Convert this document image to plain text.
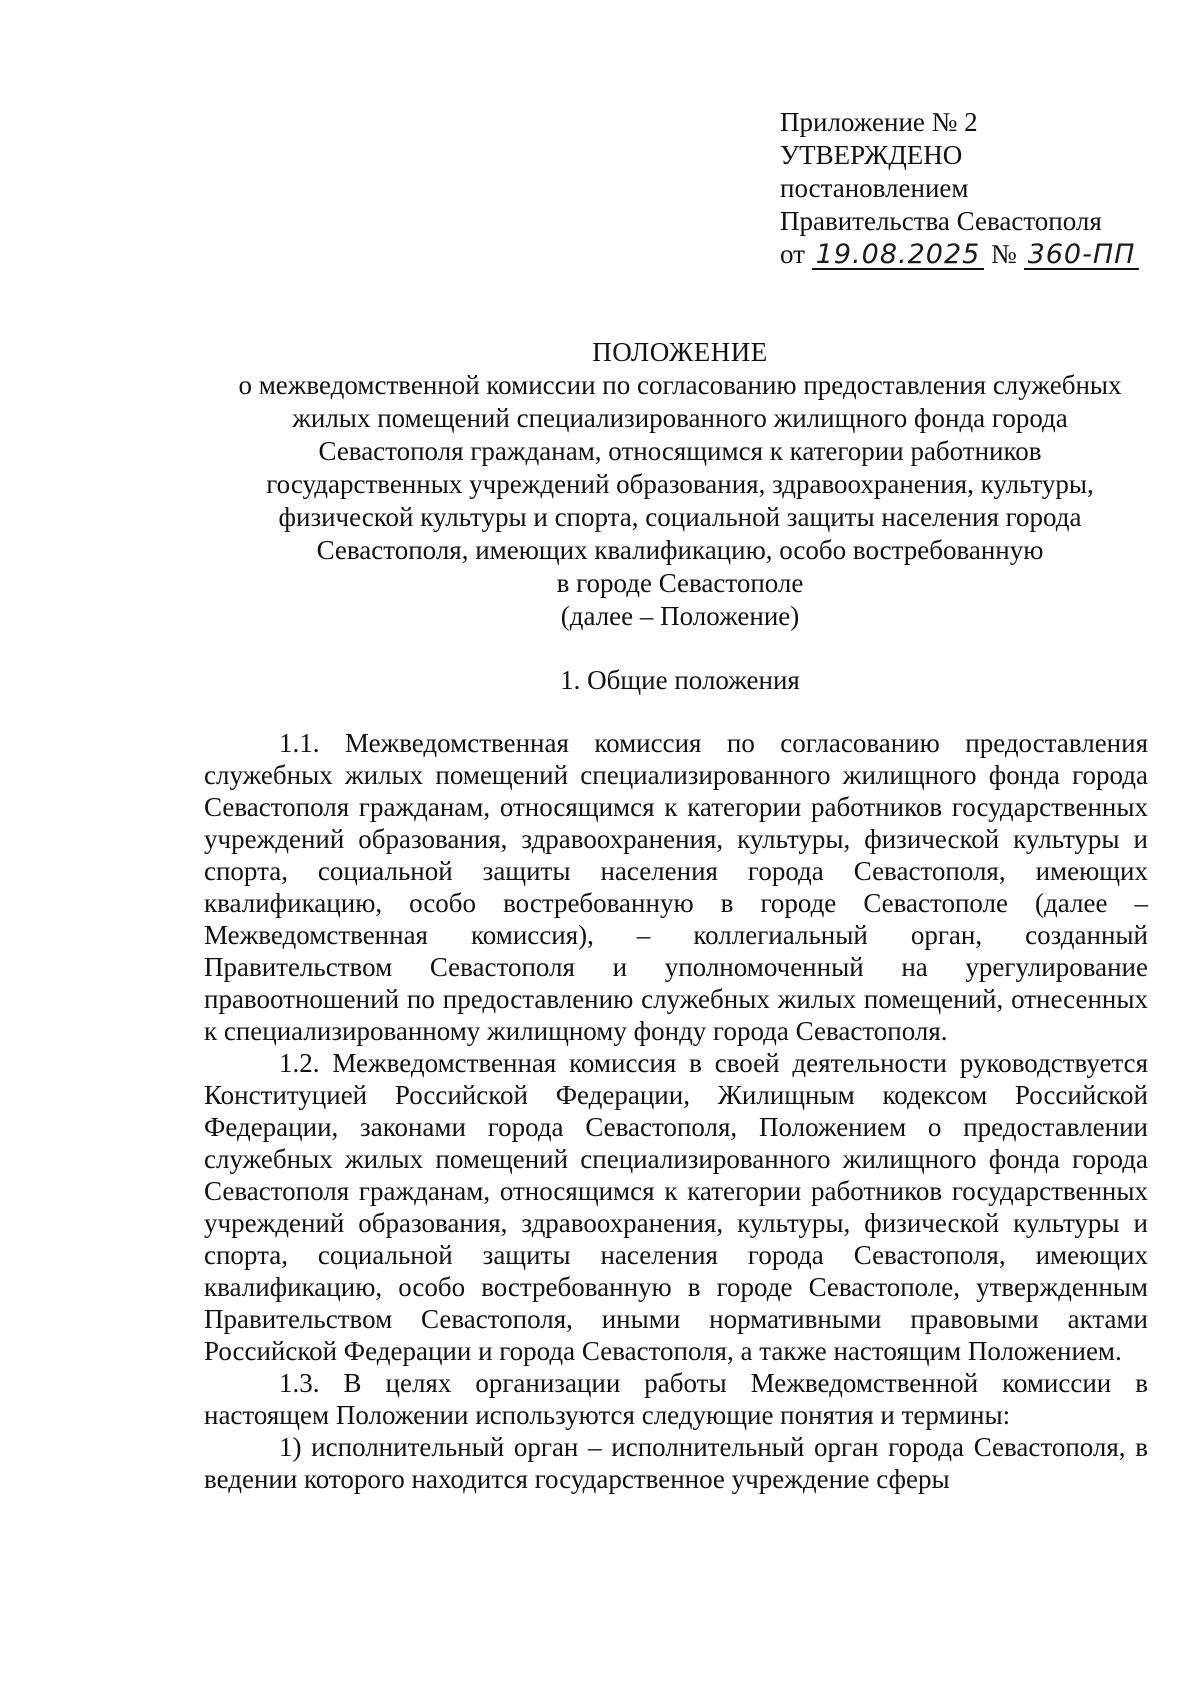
Приложение № 2
УТВЕРЖДЕНО
постановлением
Правительства Севастополя
от 19.08.2025 № 360-ПП
ПОЛОЖЕНИЕ
о межведомственной комиссии по согласованию предоставления служебных
жилых помещений специализированного жилищного фонда города
Севастополя гражданам, относящимся к категории работников
государственных учреждений образования, здравоохранения, культуры,
физической культуры и спорта, социальной защиты населения города
Севастополя, имеющих квалификацию, особо востребованную
в городе Севастополе
(далее – Положение)
1. Общие положения

1.1. Межведомственная комиссия по согласованию предоставления служебных жилых помещений специализированного жилищного фонда города Севастополя гражданам, относящимся к категории работников государственных учреждений образования, здравоохранения, культуры, физической культуры и спорта, социальной защиты населения города Севастополя, имеющих квалификацию, особо востребованную в городе Севастополе (далее – Межведомственная комиссия), – коллегиальный орган, созданный Правительством Севастополя и уполномоченный на урегулирование правоотношений по предоставлению служебных жилых помещений, отнесенных к специализированному жилищному фонду города Севастополя.

1.2. Межведомственная комиссия в своей деятельности руководствуется Конституцией Российской Федерации, Жилищным кодексом Российской Федерации, законами города Севастополя, Положением о предоставлении служебных жилых помещений специализированного жилищного фонда города Севастополя гражданам, относящимся к категории работников государственных учреждений образования, здравоохранения, культуры, физической культуры и спорта, социальной защиты населения города Севастополя, имеющих квалификацию, особо востребованную в городе Севастополе, утвержденным Правительством Севастополя, иными нормативными правовыми актами Российской Федерации и города Севастополя, а также настоящим Положением.

1.3. В целях организации работы Межведомственной комиссии в настоящем Положении используются следующие понятия и термины:

1) исполнительный орган – исполнительный орган города Севастополя, в ведении которого находится государственное учреждение сферы
